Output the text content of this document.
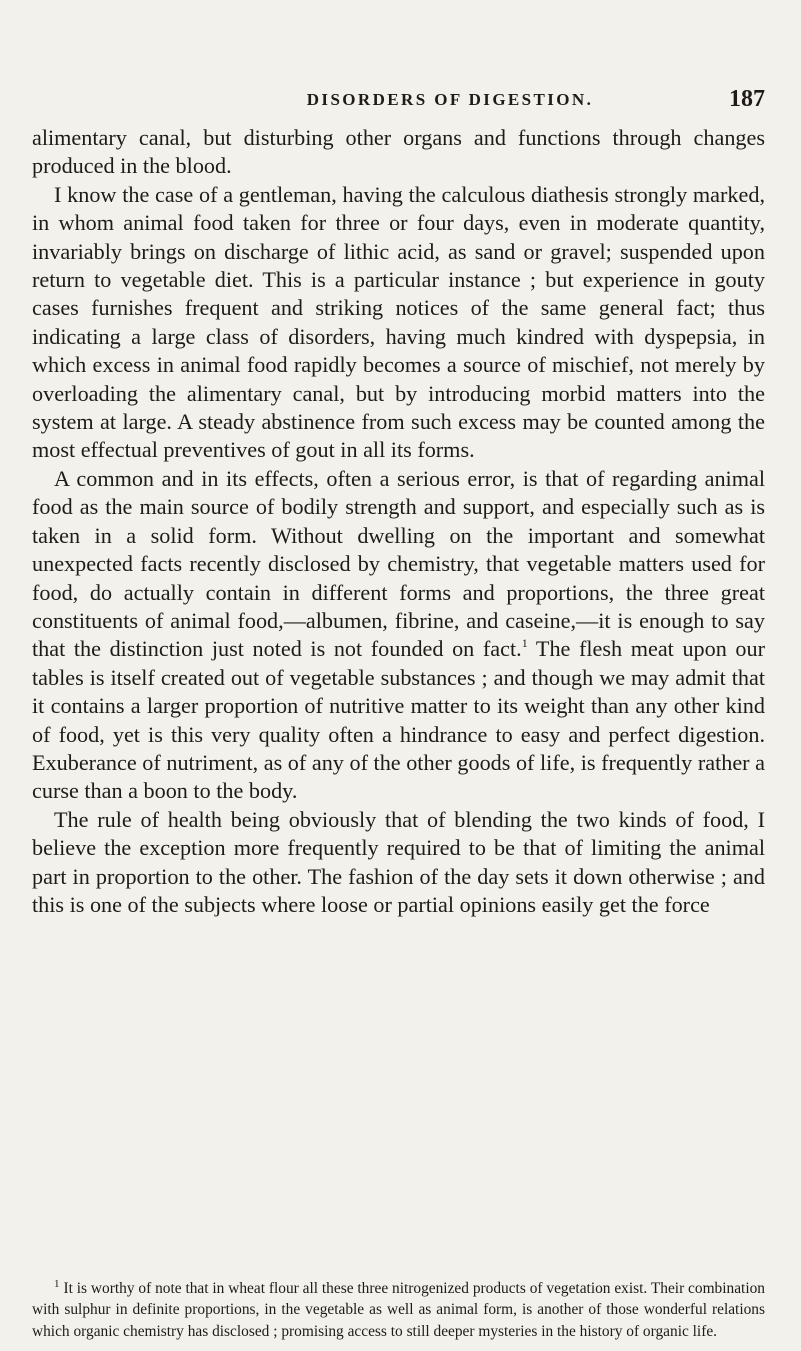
DISORDERS OF DIGESTION.	187

alimentary canal, but disturbing other organs and functions through changes produced in the blood.

I know the case of a gentleman, having the calculous diathesis strongly marked, in whom animal food taken for three or four days, even in moderate quantity, invariably brings on discharge of lithic acid, as sand or gravel; suspended upon return to vegetable diet. This is a particular instance ; but experience in gouty cases furnishes frequent and striking notices of the same general fact; thus indicating a large class of disorders, having much kindred with dyspepsia, in which excess in animal food rapidly becomes a source of mischief, not merely by overloading the alimentary canal, but by introducing morbid matters into the system at large. A steady abstinence from such excess may be counted among the most effectual preventives of gout in all its forms.

A common and in its effects, often a serious error, is that of regarding animal food as the main source of bodily strength and support, and especially such as is taken in a solid form. Without dwelling on the important and somewhat unexpected facts recently disclosed by chemistry, that vegetable matters used for food, do actually contain in different forms and proportions, the three great constituents of animal food,—albumen, fibrine, and caseine,—it is enough to say that the distinction just noted is not founded on fact.$^1$ The flesh meat upon our tables is itself created out of vegetable substances ; and though we may admit that it contains a larger proportion of nutritive matter to its weight than any other kind of food, yet is this very quality often a hindrance to easy and perfect digestion. Exuberance of nutriment, as of any of the other goods of life, is frequently rather a curse than a boon to the body.

The rule of health being obviously that of blending the two kinds of food, I believe the exception more frequently required to be that of limiting the animal part in proportion to the other. The fashion of the day sets it down otherwise ; and this is one of the subjects where loose or partial opinions easily get the force

$^1$ It is worthy of note that in wheat flour all these three nitrogenized products of vegetation exist. Their combination with sulphur in definite proportions, in the vegetable as well as animal form, is another of those wonderful relations which organic chemistry has disclosed ; promising access to still deeper mysteries in the history of organic life.
